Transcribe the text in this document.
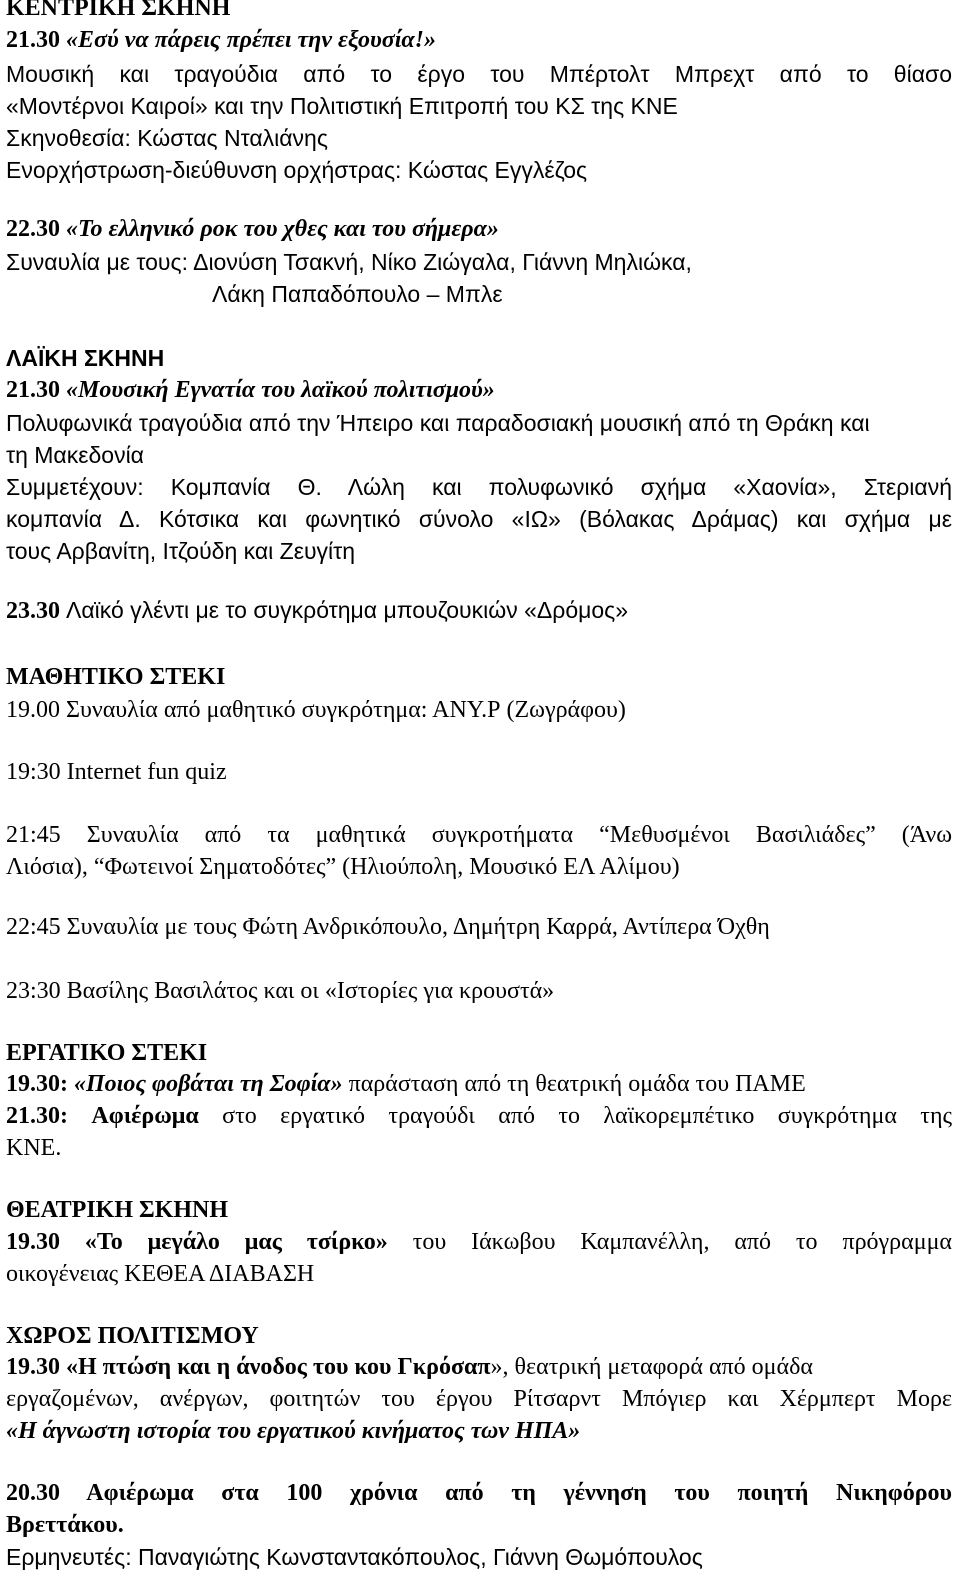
ΚΕΝΤΡΙΚΗ ΣΚΗΝΗ
21.30 «Εσύ να πάρεις πρέπει την εξουσία!»
Μουσική και τραγούδια από το έργο του Μπέρτολτ Μπρεχτ από το θίασο
«Μοντέρνοι Καιροί» και την Πολιτιστική Επιτροπή του ΚΣ της ΚΝΕ
Σκηνοθεσία: Κώστας Νταλιάνης
Ενορχήστρωση-διεύθυνση ορχήστρας: Κώστας Εγγλέζος
22.30 «Το ελληνικό ροκ του χθες και του σήμερα»
Συναυλία με τους: Διονύση Τσακνή, Νίκο Ζιώγαλα, Γιάννη Μηλιώκα,
Λάκη Παπαδόπουλο – Μπλε
ΛΑΪΚΗ ΣΚΗΝΗ
21.30 «Μουσική Εγνατία του λαϊκού πολιτισμού»
Πολυφωνικά τραγούδια από την Ήπειρο και παραδοσιακή μουσική από τη Θράκη και
τη Μακεδονία
Συμμετέχουν: Κομπανία Θ. Λώλη και πολυφωνικό σχήμα «Χαονία», Στεριανή
κομπανία Δ. Κότσικα και φωνητικό σύνολο «ΙΩ» (Βόλακας Δράμας) και σχήμα με
τους Αρβανίτη, Ιτζούδη και Ζευγίτη
23.30 Λαϊκό γλέντι με το συγκρότημα μπουζουκιών «Δρόμος»
ΜΑΘΗΤΙΚΟ ΣΤΕΚΙ
19.00 Συναυλία από μαθητικό συγκρότημα: ΑΝΥ.Ρ (Ζωγράφου)
19:30 Internet fun quiz
21:45 Συναυλία από τα μαθητικά συγκροτήματα “Μεθυσμένοι Βασιλιάδες” (Άνω
Λιόσια), “Φωτεινοί Σηματοδότες” (Ηλιούπολη, Μουσικό ΕΛ Αλίμου)
22:45 Συναυλία με τους Φώτη Ανδρικόπουλο, Δημήτρη Καρρά, Αντίπερα Όχθη
23:30 Βασίλης Βασιλάτος και οι «Ιστορίες για κρουστά»
ΕΡΓΑΤΙΚΟ ΣΤΕΚΙ
19.30: «Ποιος φοβάται τη Σοφία» παράσταση από τη θεατρική ομάδα του ΠΑΜΕ
21.30: Αφιέρωμα στο εργατικό τραγούδι από το λαϊκορεμπέτικο συγκρότημα της
ΚΝΕ.
ΘΕΑΤΡΙΚΗ ΣΚΗΝΗ
19.30 «Το μεγάλο μας τσίρκο» του Ιάκωβου Καμπανέλλη, από το πρόγραμμα
οικογένειας ΚΕΘΕΑ ΔΙΑΒΑΣΗ
ΧΩΡΟΣ ΠΟΛΙΤΙΣΜΟΥ
19.30 «Η πτώση και η άνοδος του κου Γκρόσαπ», θεατρική μεταφορά από ομάδα
εργαζομένων, ανέργων, φοιτητών του έργου Ρίτσαρντ Μπόγιερ και Χέρμπερτ Μορε
«Η άγνωστη ιστορία του εργατικού κινήματος των ΗΠΑ»
20.30 Αφιέρωμα στα 100 χρόνια από τη γέννηση του ποιητή Νικηφόρου
Βρεττάκου.
Ερμηνευτές: Παναγιώτης Κωνσταντακόπουλος, Γιάννη Θωμόπουλος
